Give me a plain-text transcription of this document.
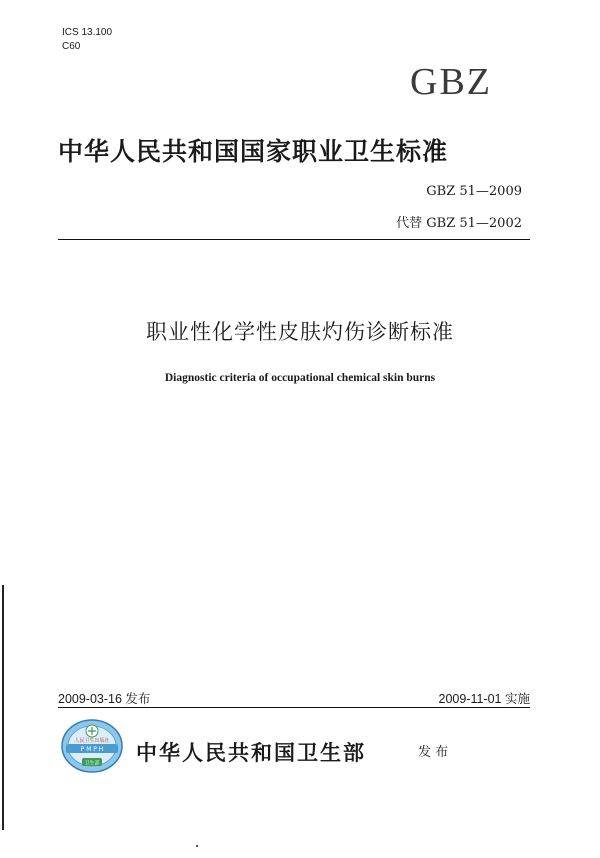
ICS 13.100
C60
GBZ
中华人民共和国国家职业卫生标准
GBZ 51—2009
代替 GBZ 51—2002
职业性化学性皮肤灼伤诊断标准
Diagnostic criteria of occupational chemical skin burns
2009-03-16 发布	2009-11-01 实施
P M P H
人民卫生出版社
卫生部 中华人民共和国卫生部	发 布
